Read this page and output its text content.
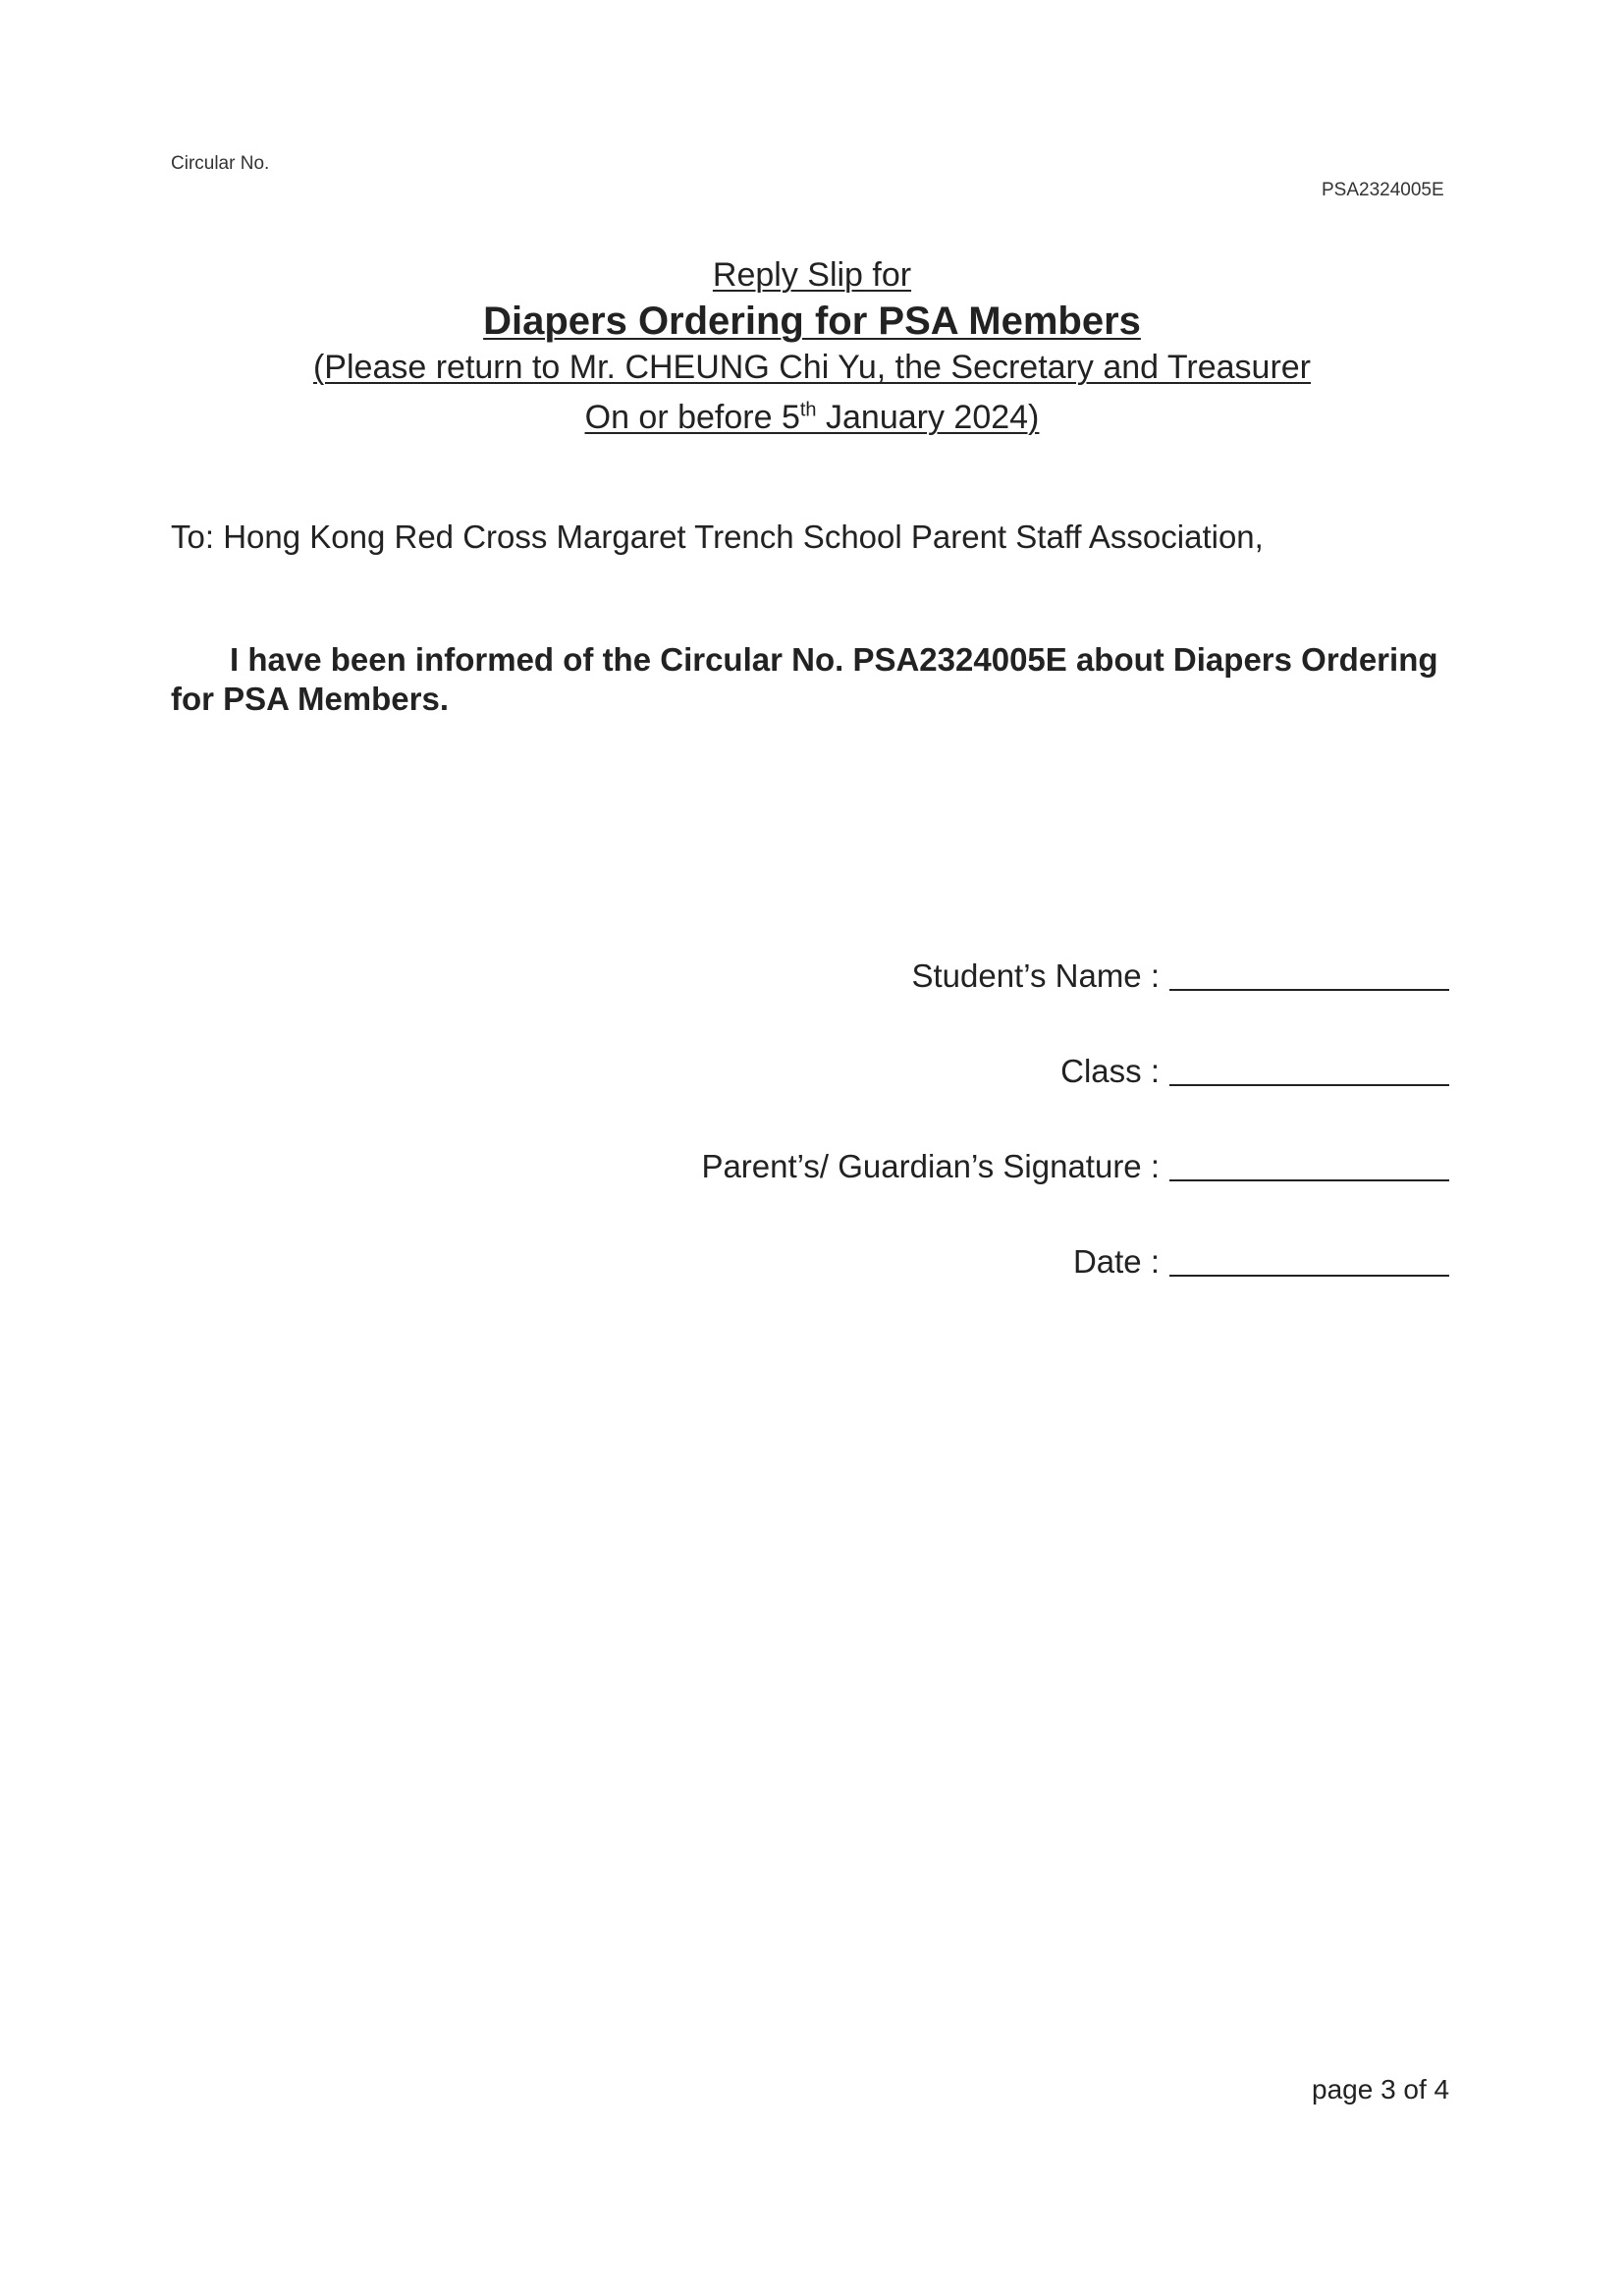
Circular No.
PSA2324005E
Reply Slip for
Diapers Ordering for PSA Members
(Please return to Mr. CHEUNG Chi Yu, the Secretary and Treasurer
On or before 5th January 2024)
To: Hong Kong Red Cross Margaret Trench School Parent Staff Association,
I have been informed of the Circular No. PSA2324005E about Diapers Ordering for PSA Members.
Student’s Name :
Class :
Parent’s/ Guardian’s Signature :
Date :
page 3 of 4
